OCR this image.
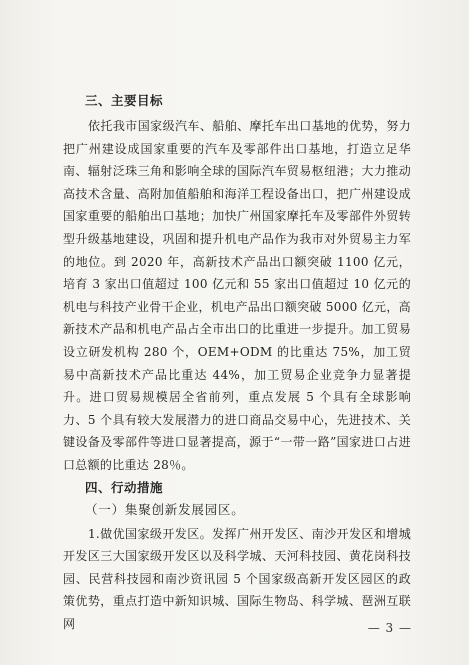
三、主要目标

依托我市国家级汽车、船舶、摩托车出口基地的优势，努力把广州建设成国家重要的汽车及零部件出口基地，打造立足华南、辐射泛珠三角和影响全球的国际汽车贸易枢纽港；大力推动高技术含量、高附加值船舶和海洋工程设备出口，把广州建设成国家重要的船舶出口基地；加快广州国家摩托车及零部件外贸转型升级基地建设，巩固和提升机电产品作为我市对外贸易主力军的地位。到 2020 年，高新技术产品出口额突破 1100 亿元，培育 3 家出口值超过 100 亿元和 55 家出口值超过 10 亿元的机电与科技产业骨干企业，机电产品出口额突破 5000 亿元，高新技术产品和机电产品占全市出口的比重进一步提升。加工贸易设立研发机构 280 个，OEM+ODM 的比重达 75%，加工贸易中高新技术产品比重达 44%，加工贸易企业竞争力显著提升。进口贸易规模居全省前列，重点发展 5 个具有全球影响力、5 个具有较大发展潜力的进口商品交易中心，先进技术、关键设备及零部件等进口显著提高，源于“一带一路”国家进口占进口总额的比重达 28％。

四、行动措施
（一）集聚创新发展园区。

1.做优国家级开发区。发挥广州开发区、南沙开发区和增城开发区三大国家级开发区以及科学城、天河科技园、黄花岗科技园、民营科技园和南沙资讯园 5 个国家级高新开发区园区的政策优势，重点打造中新知识城、国际生物岛、科学城、琶洲互联网	— 3 —
